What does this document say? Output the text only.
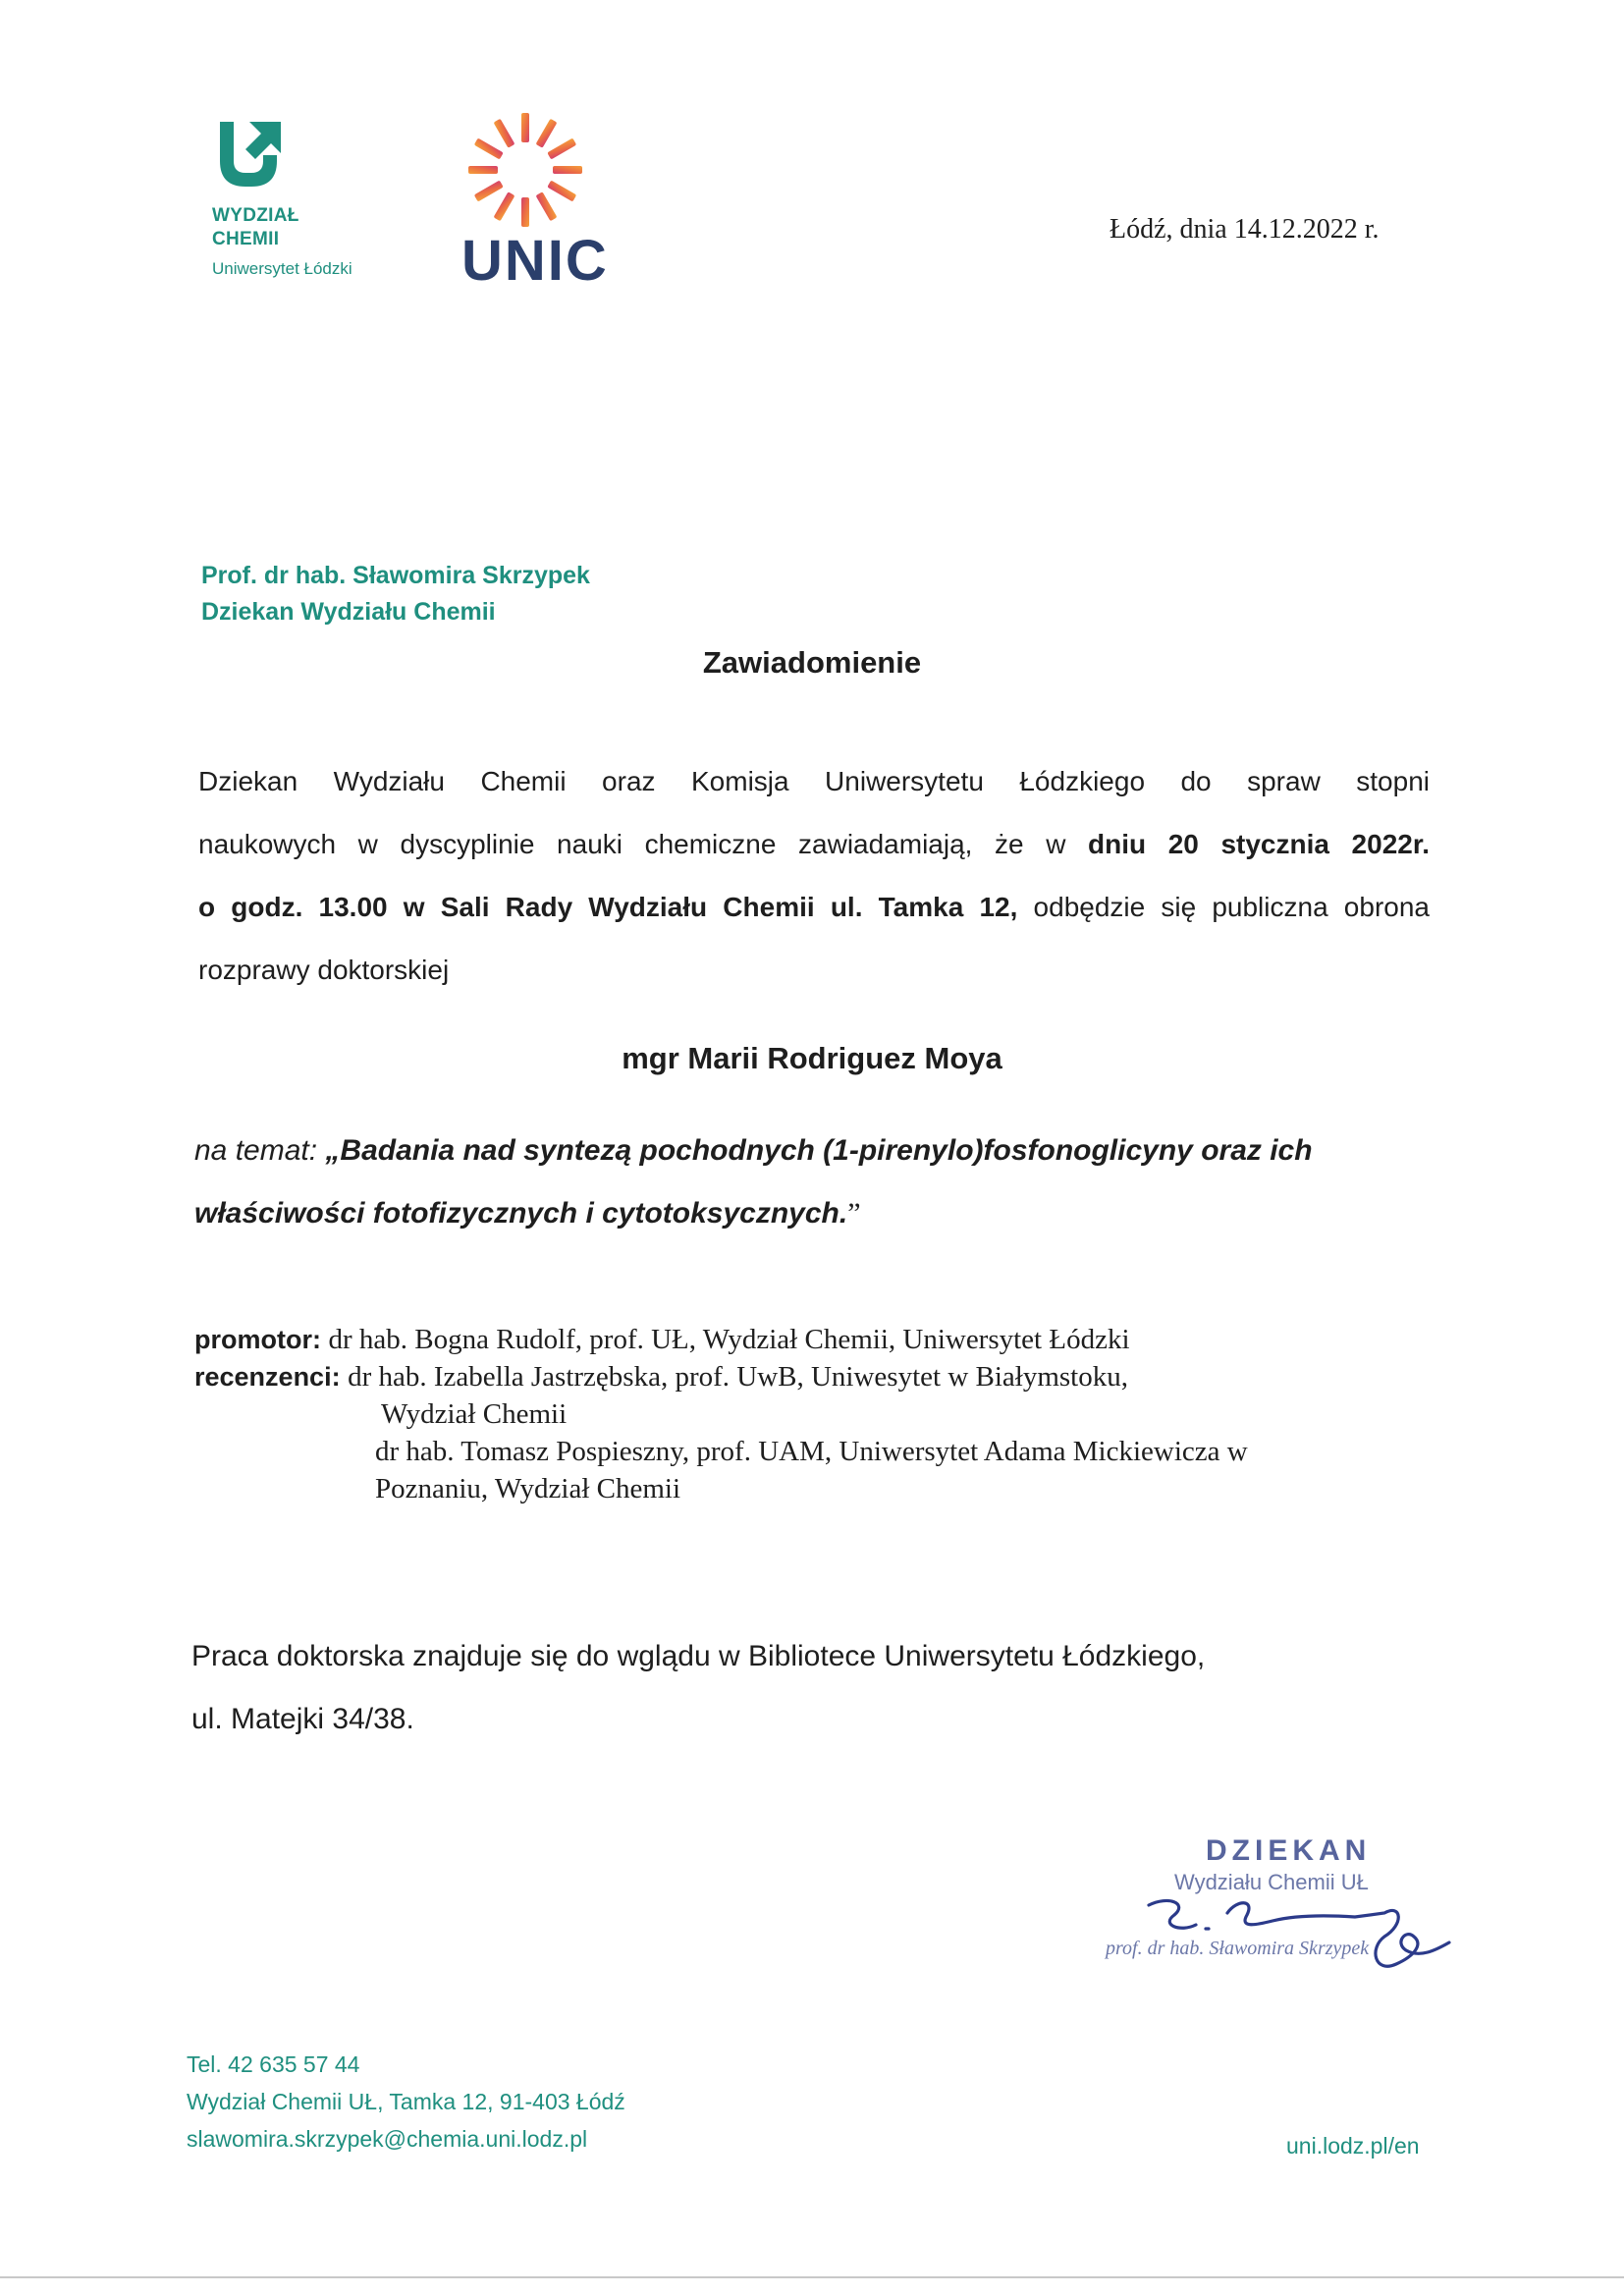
WYDZIAŁ
CHEMII
Uniwersytet Łódzki UNIC	Łódź, dnia 14.12.2022 r.
Prof. dr hab. Sławomira Skrzypek
Dziekan Wydziału Chemii
Zawiadomienie
Dziekan Wydziału Chemii oraz Komisja Uniwersytetu Łódzkiego do spraw stopni
naukowych w dyscyplinie nauki chemiczne zawiadamiają, że w dniu 20 stycznia 2022r.
o godz. 13.00 w Sali Rady Wydziału Chemii ul. Tamka 12, odbędzie się publiczna obrona
rozprawy doktorskiej
mgr Marii Rodriguez Moya
na temat: „Badania nad syntezą pochodnych (1-pirenylo)fosfonoglicyny oraz ich
właściwości fotofizycznych i cytotoksycznych.”
promotor: dr hab. Bogna Rudolf, prof. UŁ, Wydział Chemii, Uniwersytet Łódzki
recenzenci: dr hab. Izabella Jastrzębska, prof. UwB, Uniwesytet w Białymstoku,
Wydział Chemii
dr hab. Tomasz Pospieszny, prof. UAM, Uniwersytet Adama Mickiewicza w
Poznaniu, Wydział Chemii
Praca doktorska znajduje się do wglądu w Bibliotece Uniwersytetu Łódzkiego,
ul. Matejki 34/38.
DZIEKAN
Wydziału Chemii UŁ
prof. dr hab. Sławomira Skrzypek
Tel. 42 635 57 44
Wydział Chemii UŁ, Tamka 12, 91-403 Łódź
slawomira.skrzypek@chemia.uni.lodz.pl	uni.lodz.pl/en
